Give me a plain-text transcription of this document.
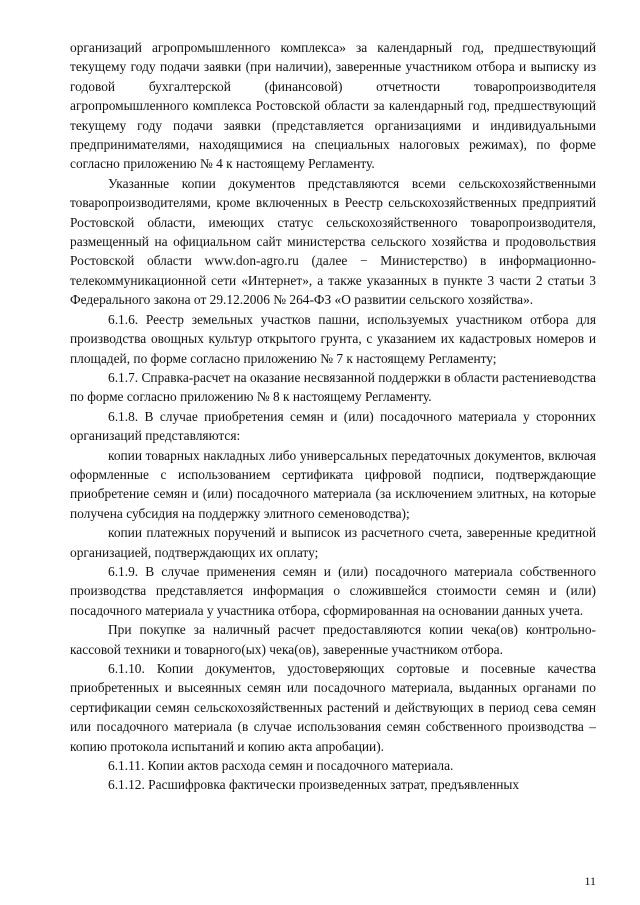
организаций агропромышленного комплекса» за календарный год, предшествующий текущему году подачи заявки (при наличии), заверенные участником отбора и выписку из годовой бухгалтерской (финансовой) отчетности товаропроизводителя агропромышленного комплекса Ростовской области за календарный год, предшествующий текущему году подачи заявки (представляется организациями и индивидуальными предпринимателями, находящимися на специальных налоговых режимах), по форме согласно приложению № 4 к настоящему Регламенту.

Указанные копии документов представляются всеми сельскохозяйственными товаропроизводителями, кроме включенных в Реестр сельскохозяйственных предприятий Ростовской области, имеющих статус сельскохозяйственного товаропроизводителя, размещенный на официальном сайт министерства сельского хозяйства и продовольствия Ростовской области www.don-agro.ru (далее − Министерство) в информационно-телекоммуникационной сети «Интернет», а также указанных в пункте 3 части 2 статьи 3 Федерального закона от 29.12.2006 № 264-ФЗ «О развитии сельского хозяйства».

6.1.6. Реестр земельных участков пашни, используемых участником отбора для производства овощных культур открытого грунта, с указанием их кадастровых номеров и площадей, по форме согласно приложению № 7 к настоящему Регламенту;

6.1.7. Справка-расчет на оказание несвязанной поддержки в области растениеводства по форме согласно приложению № 8 к настоящему Регламенту.

6.1.8. В случае приобретения семян и (или) посадочного материала у сторонних организаций представляются:

копии товарных накладных либо универсальных передаточных документов, включая оформленные с использованием сертификата цифровой подписи, подтверждающие приобретение семян и (или) посадочного материала (за исключением элитных, на которые получена субсидия на поддержку элитного семеноводства);

копии платежных поручений и выписок из расчетного счета, заверенные кредитной организацией, подтверждающих их оплату;

6.1.9. В случае применения семян и (или) посадочного материала собственного производства представляется информация о сложившейся стоимости семян и (или) посадочного материала у участника отбора, сформированная на основании данных учета.

При покупке за наличный расчет предоставляются копии чека(ов) контрольно-кассовой техники и товарного(ых) чека(ов), заверенные участником отбора.

6.1.10. Копии документов, удостоверяющих сортовые и посевные качества приобретенных и высеянных семян или посадочного материала, выданных органами по сертификации семян сельскохозяйственных растений и действующих в период сева семян или посадочного материала (в случае использования семян собственного производства – копию протокола испытаний и копию акта апробации).

6.1.11. Копии актов расхода семян и посадочного материала.

6.1.12. Расшифровка фактически произведенных затрат, предъявленных

11
